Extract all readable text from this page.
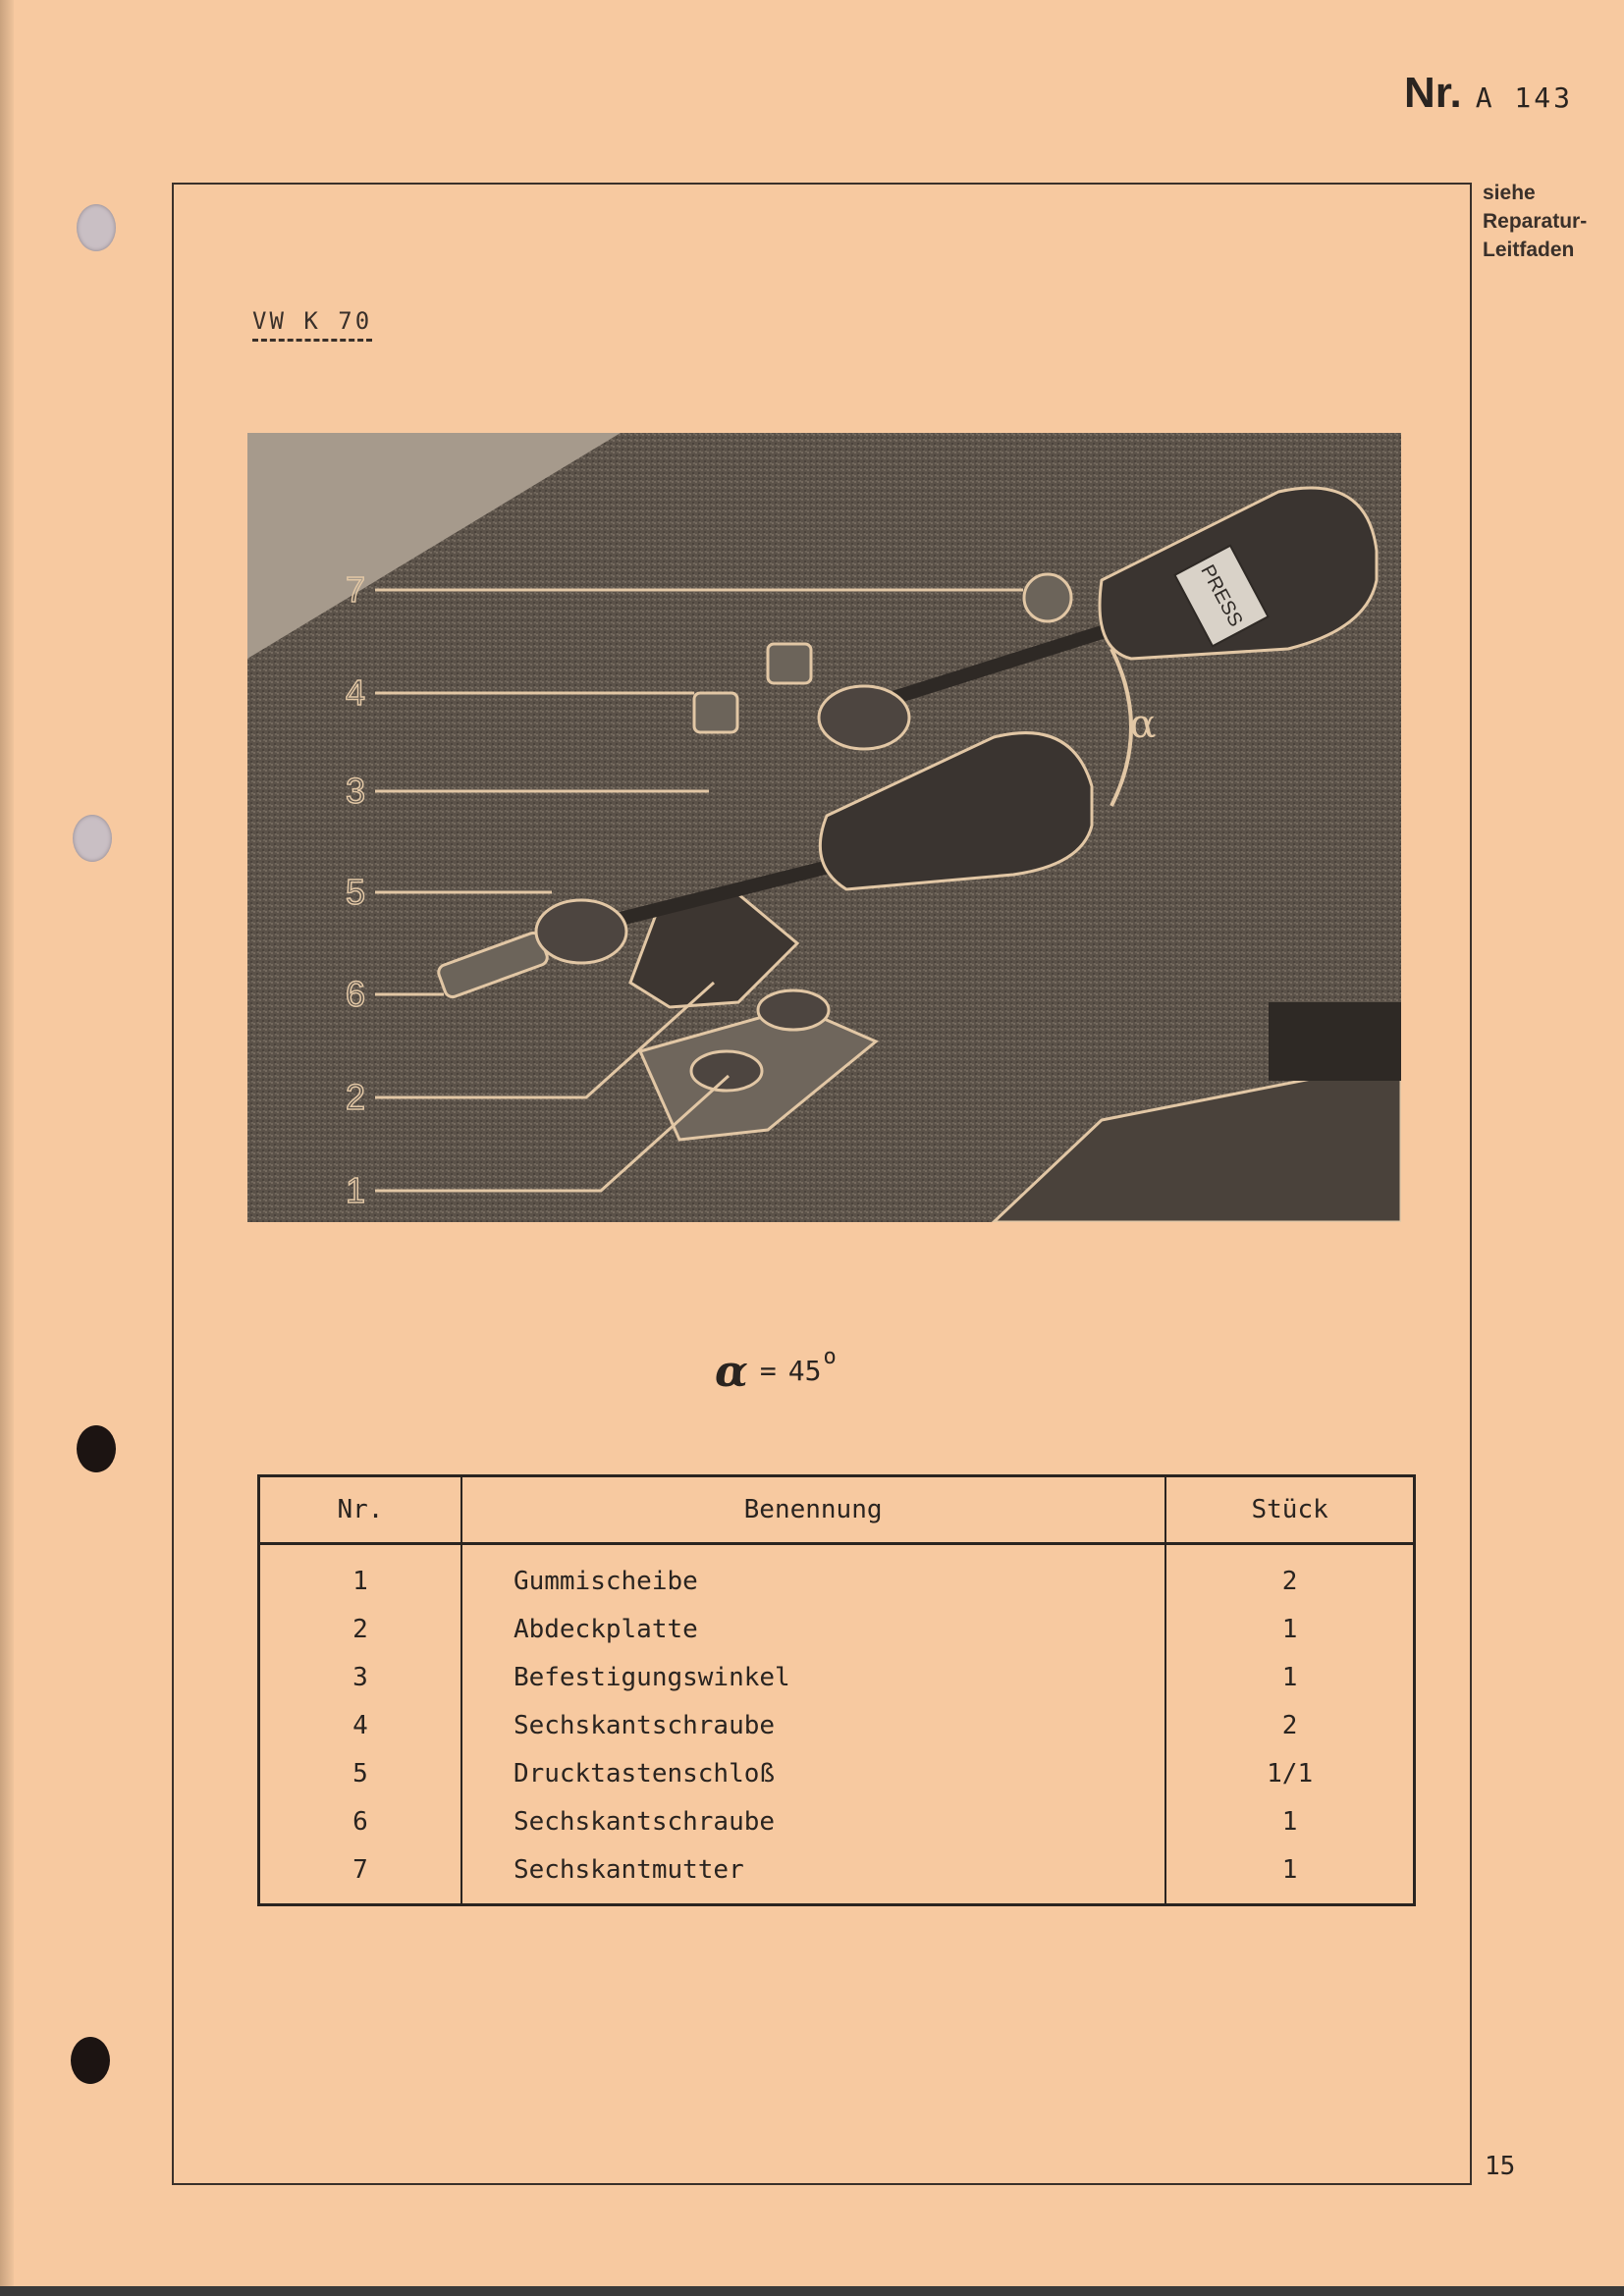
Nr. A 143
siehe
Reparatur-
Leitfaden
VW K 70
PRESS
α
7
4
3
5
6
2
1
α = 45 o
Nr.	Benennung	Stück
1	Gummischeibe	2
2	Abdeckplatte	1
3	Befestigungswinkel	1
4	Sechskantschraube	2
5	Drucktastenschloß	1/1
6	Sechskantschraube	1
7	Sechskantmutter	1
15
